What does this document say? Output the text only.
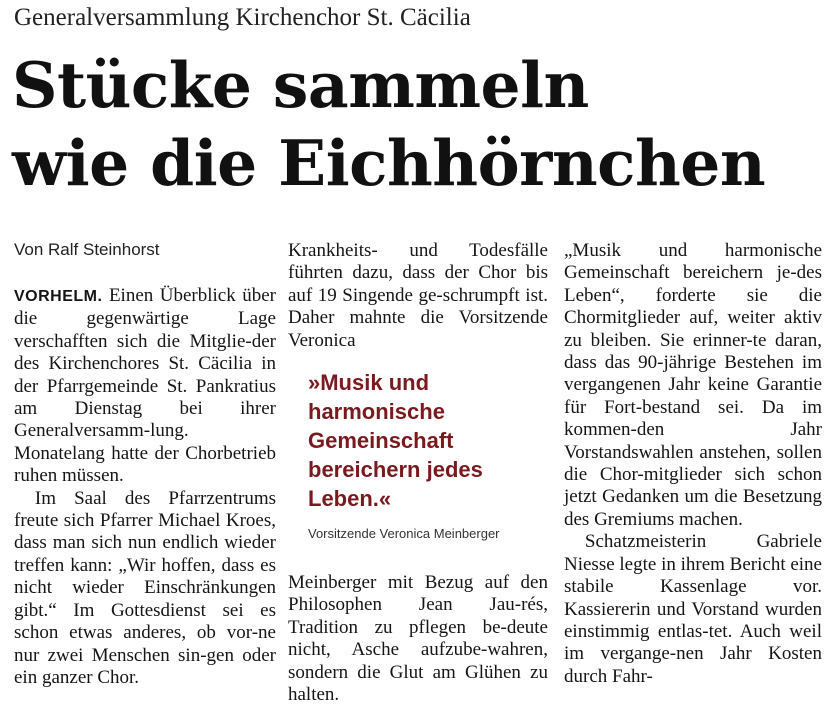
Generalversammlung Kirchenchor St. Cäcilia
Stücke sammeln
wie die Eichhörnchen
Von Ralf Steinhorst

VORHELM. Einen Überblick über die gegenwärtige Lage verschafften sich die Mitglie-der des Kirchenchores St. Cäcilia in der Pfarrgemeinde St. Pankratius am Dienstag bei ihrer Generalversamm-lung. Monatelang hatte der Chorbetrieb ruhen müssen.

Im Saal des Pfarrzentrums freute sich Pfarrer Michael Kroes, dass man sich nun endlich wieder treffen kann: „Wir hoffen, dass es nicht wieder Einschränkungen gibt.“ Im Gottesdienst sei es schon etwas anderes, ob vor-ne nur zwei Menschen sin-gen oder ein ganzer Chor.

Krankheits- und Todesfälle führten dazu, dass der Chor bis auf 19 Singende ge-schrumpft ist. Daher mahnte die Vorsitzende Veronica

»Musik und harmonische Gemeinschaft bereichern jedes Leben.«
Vorsitzende Veronica Meinberger

Meinberger mit Bezug auf den Philosophen Jean Jau-rés, Tradition zu pflegen be-deute nicht, Asche aufzube-wahren, sondern die Glut am Glühen zu halten.

„Musik und harmonische Gemeinschaft bereichern je-des Leben“, forderte sie die Chormitglieder auf, weiter aktiv zu bleiben. Sie erinner-te daran, dass das 90-jährige Bestehen im vergangenen Jahr keine Garantie für Fort-bestand sei. Da im kommen-den Jahr Vorstandswahlen anstehen, sollen die Chor-mitglieder sich schon jetzt Gedanken um die Besetzung des Gremiums machen.

Schatzmeisterin Gabriele Niesse legte in ihrem Bericht eine stabile Kassenlage vor. Kassiererin und Vorstand wurden einstimmig entlas-tet. Auch weil im vergange-nen Jahr Kosten durch Fahr-
